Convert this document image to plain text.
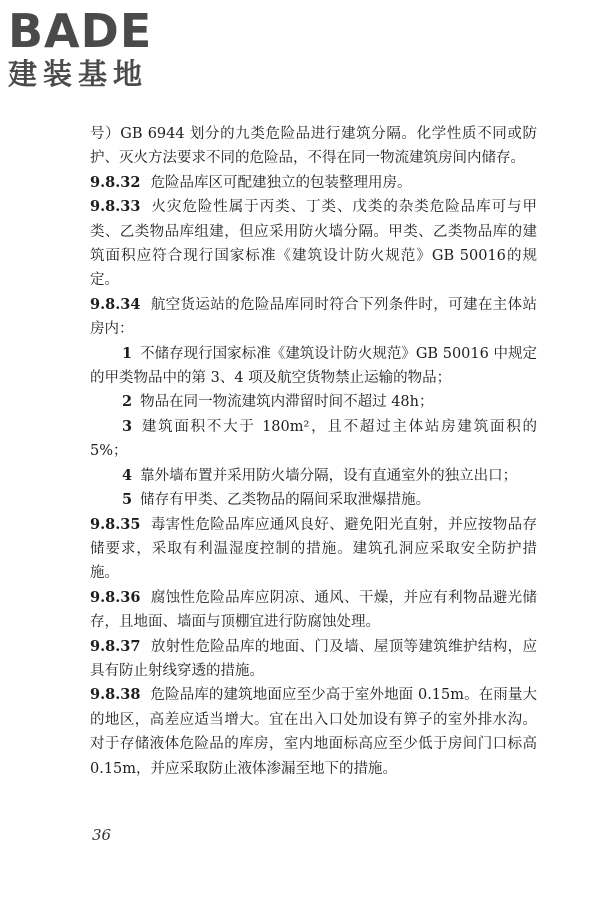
BADE
建装基地

号）GB 6944 划分的九类危险品进行建筑分隔。化学性质不同或防护、灭火方法要求不同的危险品，不得在同一物流建筑房间内储存。

9.8.32 危险品库区可配建独立的包装整理用房。

9.8.33 火灾危险性属于丙类、丁类、戊类的杂类危险品库可与甲类、乙类物品库组建，但应采用防火墙分隔。甲类、乙类物品库的建筑面积应符合现行国家标准《建筑设计防火规范》GB 50016的规定。

9.8.34 航空货运站的危险品库同时符合下列条件时，可建在主体站房内：

1 不储存现行国家标准《建筑设计防火规范》GB 50016 中规定的甲类物品中的第 3、4 项及航空货物禁止运输的物品；

2 物品在同一物流建筑内滞留时间不超过 48h；

3 建筑面积不大于 180m²，且不超过主体站房建筑面积的 5%；

4 靠外墙布置并采用防火墙分隔，设有直通室外的独立出口；

5 储存有甲类、乙类物品的隔间采取泄爆措施。

9.8.35 毒害性危险品库应通风良好、避免阳光直射，并应按物品存储要求，采取有利温湿度控制的措施。建筑孔洞应采取安全防护措施。

9.8.36 腐蚀性危险品库应阴凉、通风、干燥，并应有利物品避光储存，且地面、墙面与顶棚宜进行防腐蚀处理。

9.8.37 放射性危险品库的地面、门及墙、屋顶等建筑维护结构，应具有防止射线穿透的措施。

9.8.38 危险品库的建筑地面应至少高于室外地面 0.15m。在雨量大的地区，高差应适当增大。宜在出入口处加设有箅子的室外排水沟。对于存储液体危险品的库房，室内地面标高应至少低于房间门口标高 0.15m，并应采取防止液体渗漏至地下的措施。

36
